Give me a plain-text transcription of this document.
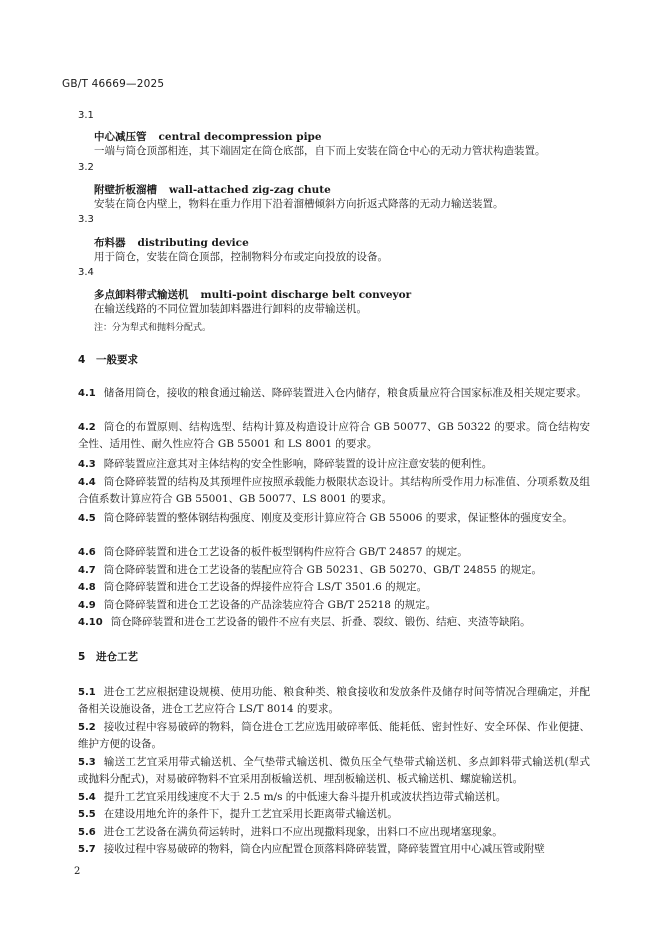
GB/T 46669—2025
3.1
中心减压管 central decompression pipe
一端与筒仓顶部相连，其下端固定在筒仓底部，自下而上安装在筒仓中心的无动力管状构造装置。
3.2
附壁折板溜槽 wall-attached zig-zag chute
安装在筒仓内壁上，物料在重力作用下沿着溜槽倾斜方向折返式降落的无动力输送装置。
3.3
布料器 distributing device
用于筒仓，安装在筒仓顶部，控制物料分布或定向投放的设备。
3.4
多点卸料带式输送机 multi-point discharge belt conveyor
在输送线路的不同位置加装卸料器进行卸料的皮带输送机。
注：分为犁式和抛料分配式。
4 一般要求
4.1 储备用筒仓，接收的粮食通过输送、降碎装置进入仓内储存，粮食质量应符合国家标准及相关规定要求。
4.2 筒仓的布置原则、结构选型、结构计算及构造设计应符合 GB 50077、GB 50322 的要求。筒仓结构安全性、适用性、耐久性应符合 GB 55001 和 LS 8001 的要求。
4.3 降碎装置应注意其对主体结构的安全性影响，降碎装置的设计应注意安装的便利性。
4.4 筒仓降碎装置的结构及其预埋件应按照承载能力极限状态设计。其结构所受作用力标准值、分项系数及组合值系数计算应符合 GB 55001、GB 50077、LS 8001 的要求。
4.5 筒仓降碎装置的整体钢结构强度、刚度及变形计算应符合 GB 55006 的要求，保证整体的强度安全。
4.6 筒仓降碎装置和进仓工艺设备的板件板型钢构件应符合 GB/T 24857 的规定。
4.7 筒仓降碎装置和进仓工艺设备的装配应符合 GB 50231、GB 50270、GB/T 24855 的规定。
4.8 筒仓降碎装置和进仓工艺设备的焊接件应符合 LS/T 3501.6 的规定。
4.9 筒仓降碎装置和进仓工艺设备的产品涂装应符合 GB/T 25218 的规定。
4.10 筒仓降碎装置和进仓工艺设备的锻件不应有夹层、折叠、裂纹、锻伤、结疤、夹渣等缺陷。
5 进仓工艺
5.1 进仓工艺应根据建设规模、使用功能、粮食种类、粮食接收和发放条件及储存时间等情况合理确定，并配备相关设施设备，进仓工艺应符合 LS/T 8014 的要求。
5.2 接收过程中容易破碎的物料，筒仓进仓工艺应选用破碎率低、能耗低、密封性好、安全环保、作业便捷、维护方便的设备。
5.3 输送工艺宜采用带式输送机、全气垫带式输送机、微负压全气垫带式输送机、多点卸料带式输送机(犁式或抛料分配式)，对易破碎物料不宜采用刮板输送机、埋刮板输送机、板式输送机、螺旋输送机。
5.4 提升工艺宜采用线速度不大于 2.5 m/s 的中低速大畚斗提升机或波状挡边带式输送机。
5.5 在建设用地允许的条件下，提升工艺宜采用长距离带式输送机。
5.6 进仓工艺设备在满负荷运转时，进料口不应出现撒料现象，出料口不应出现堵塞现象。
5.7 接收过程中容易破碎的物料，筒仓内应配置仓顶落料降碎装置，降碎装置宜用中心减压管或附壁
2
